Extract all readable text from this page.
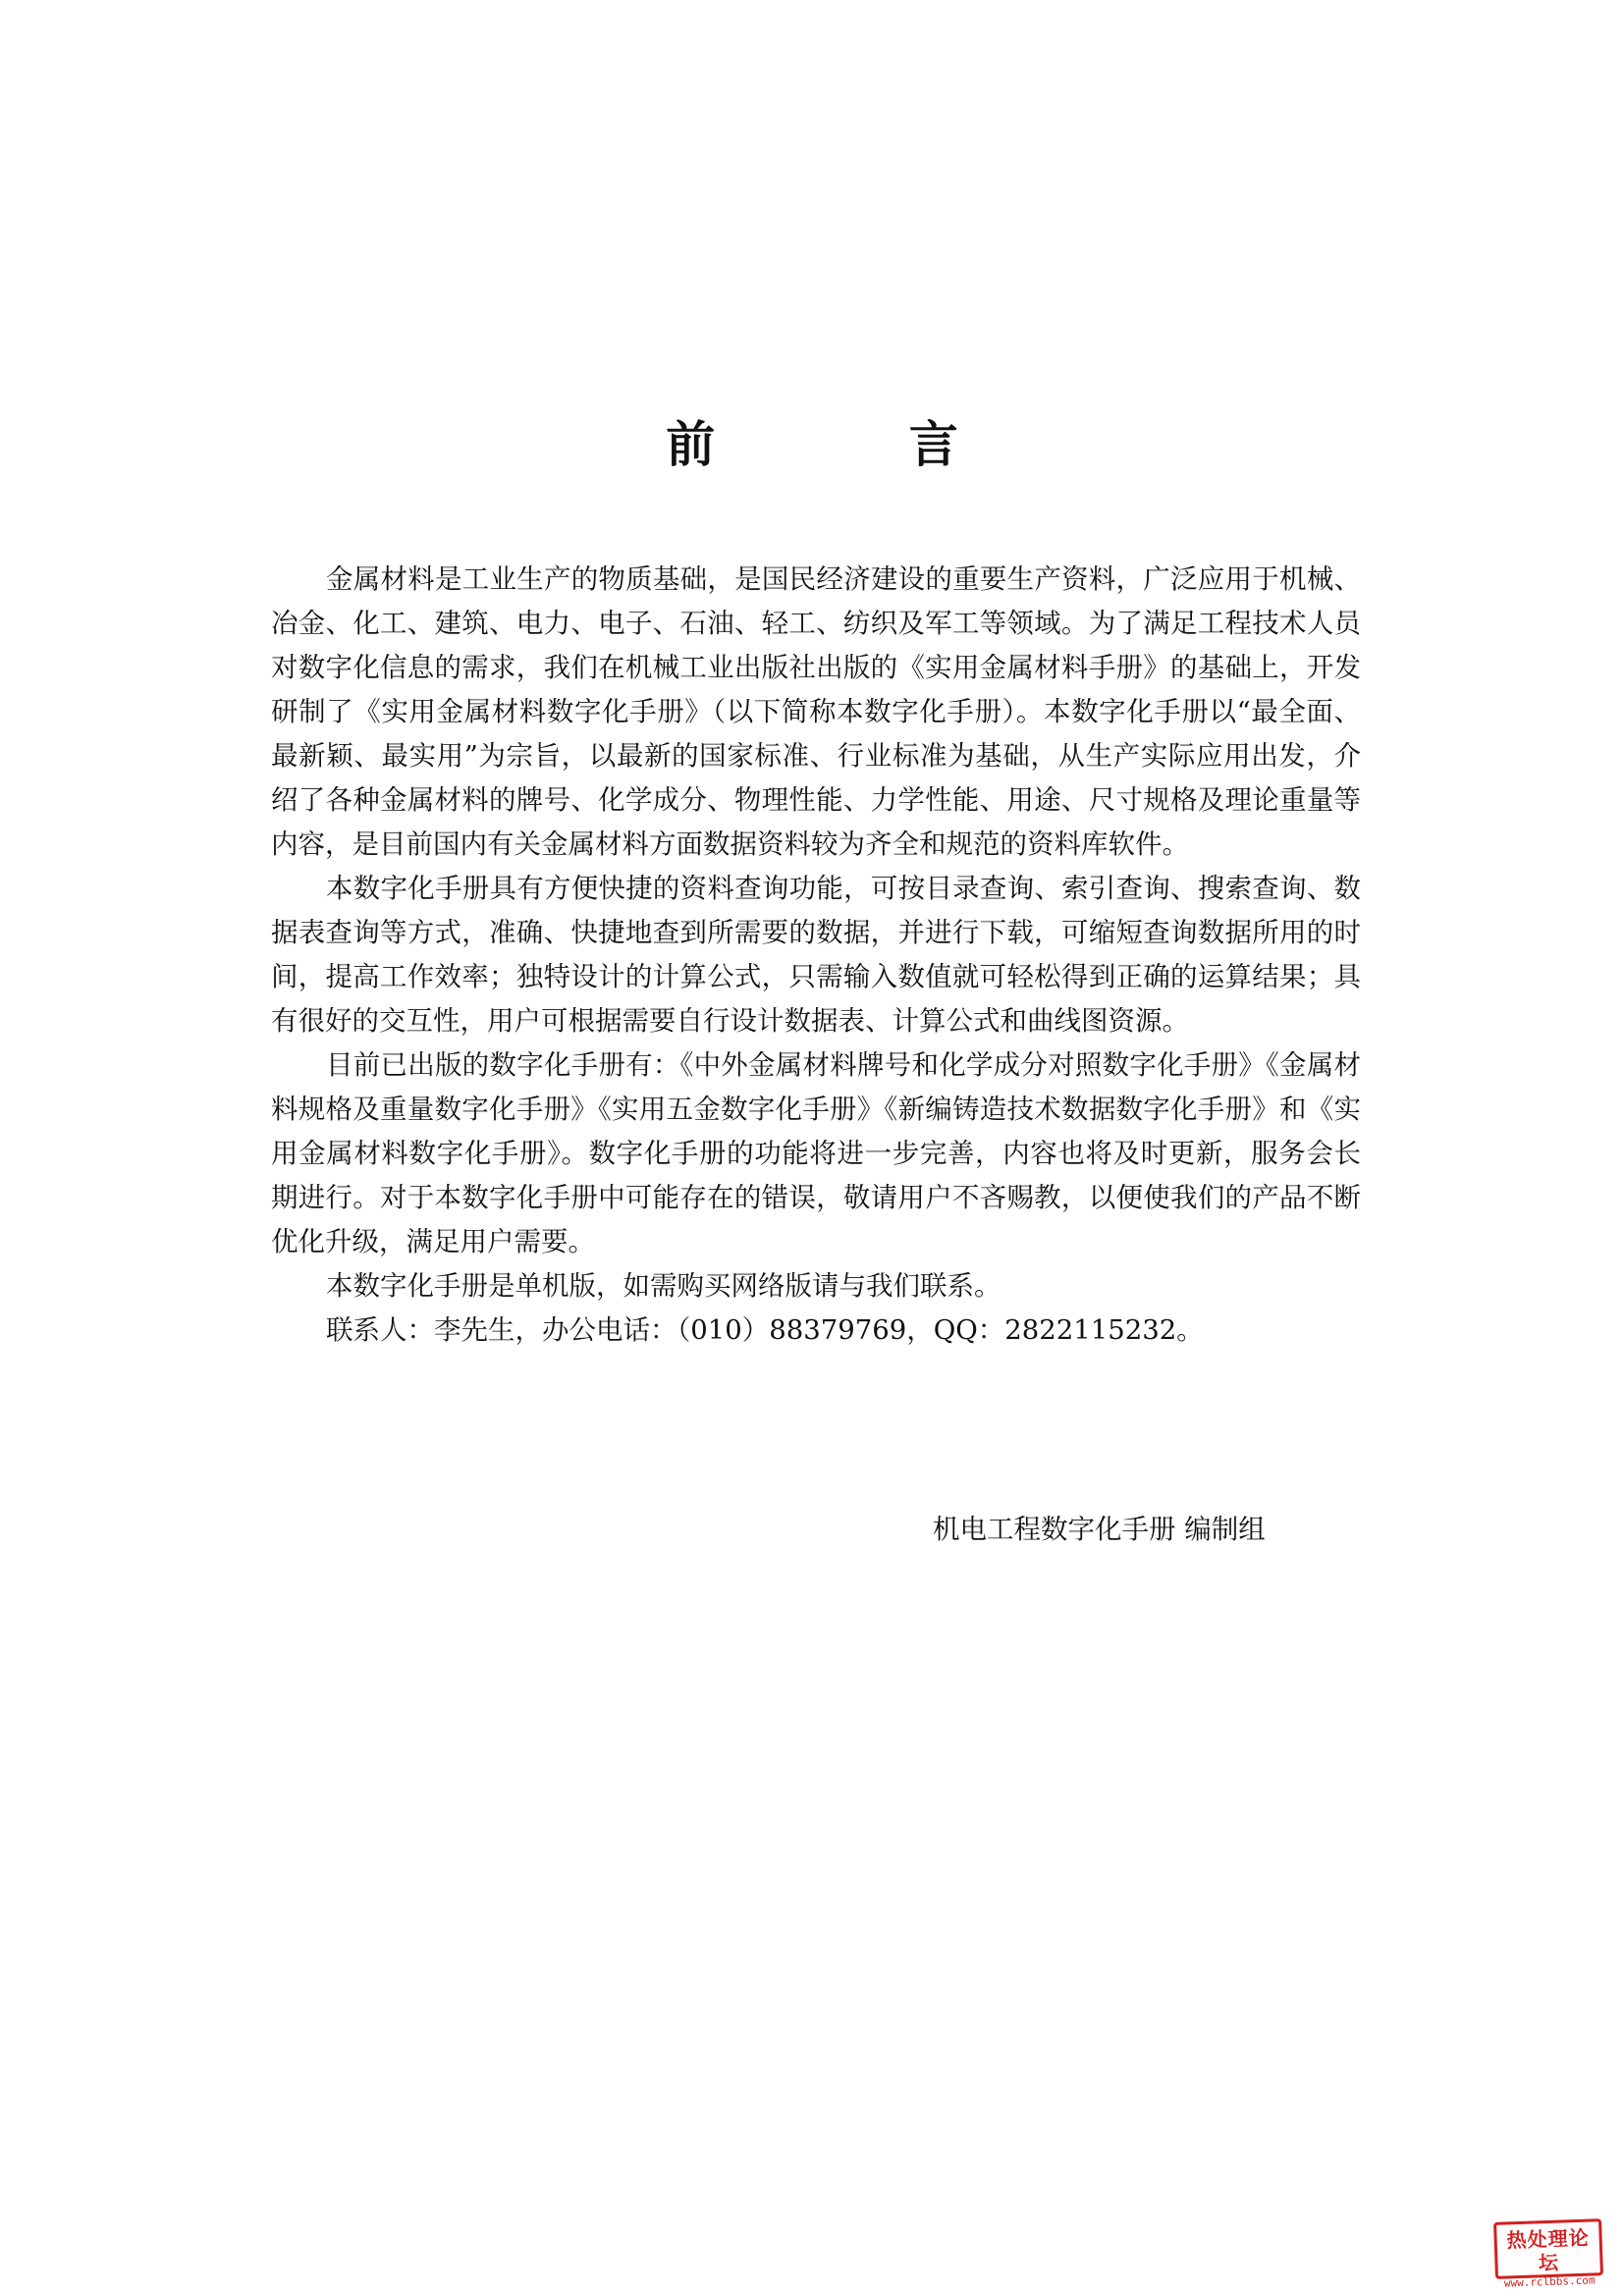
前 言

金属材料是工业生产的物质基础，是国民经济建设的重要生产资料，广泛应用于机械、冶金、化工、建筑、电力、电子、石油、轻工、纺织及军工等领域。为了满足工程技术人员对数字化信息的需求，我们在机械工业出版社出版的《实用金属材料手册》的基础上，开发研制了《实用金属材料数字化手册》（以下简称本数字化手册）。本数字化手册以“最全面、最新颖、最实用”为宗旨，以最新的国家标准、行业标准为基础，从生产实际应用出发，介绍了各种金属材料的牌号、化学成分、物理性能、力学性能、用途、尺寸规格及理论重量等内容，是目前国内有关金属材料方面数据资料较为齐全和规范的资料库软件。

本数字化手册具有方便快捷的资料查询功能，可按目录查询、索引查询、搜索查询、数据表查询等方式，准确、快捷地查到所需要的数据，并进行下载，可缩短查询数据所用的时间，提高工作效率；独特设计的计算公式，只需输入数值就可轻松得到正确的运算结果；具有很好的交互性，用户可根据需要自行设计数据表、计算公式和曲线图资源。

目前已出版的数字化手册有：《中外金属材料牌号和化学成分对照数字化手册》《金属材料规格及重量数字化手册》《实用五金数字化手册》《新编铸造技术数据数字化手册》和《实用金属材料数字化手册》。数字化手册的功能将进一步完善，内容也将及时更新，服务会长期进行。对于本数字化手册中可能存在的错误，敬请用户不吝赐教，以便使我们的产品不断优化升级，满足用户需要。

本数字化手册是单机版，如需购买网络版请与我们联系。

联系人：李先生，办公电话：（010）88379769，QQ：2822115232。

机电工程数字化手册 编制组
热处理论坛
www.rclbbs.com
